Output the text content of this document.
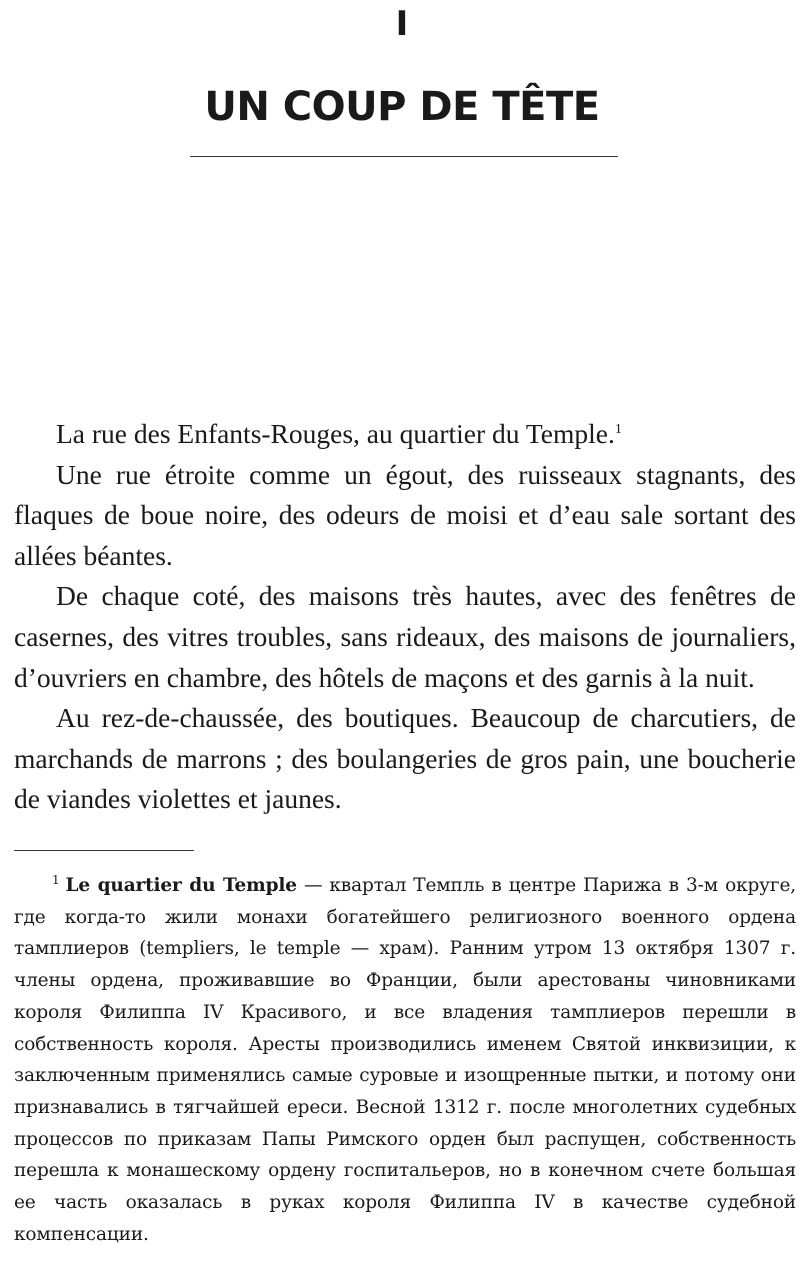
I
UN COUP DE TÊTE

La rue des Enfants-Rouges, au quartier du Temple.$^1$

Une rue étroite comme un égout, des ruisseaux stagnants, des flaques de boue noire, des odeurs de moisi et d’eau sale sortant des allées béantes.

De chaque coté, des maisons très hautes, avec des fenêtres de casernes, des vitres troubles, sans rideaux, des maisons de journaliers, d’ouvriers en chambre, des hôtels de maçons et des garnis à la nuit.

Au rez-de-chaussée, des boutiques. Beaucoup de charcutiers, de marchands de marrons ; des boulangeries de gros pain, une boucherie de viandes violettes et jaunes.

$^1$ Le quartier du Temple — квартал Темпль в центре Парижа в 3-м округе, где когда-то жили монахи богатейшего религиозного военного ордена тамплиеров (templiers, le temple — храм). Ранним утром 13 октября 1307 г. члены ордена, проживавшие во Франции, были арестованы чиновниками короля Филиппа IV Красивого, и все владения тамплиеров перешли в собственность короля. Аресты производились именем Святой инквизиции, к заключенным применялись самые суровые и изощренные пытки, и потому они признавались в тягчайшей ереси. Весной 1312 г. после многолетних судебных процессов по приказам Папы Римского орден был распущен, собственность перешла к монашескому ордену госпитальеров, но в конечном счете большая ее часть оказалась в руках короля Филиппа IV в качестве судебной компенсации.
